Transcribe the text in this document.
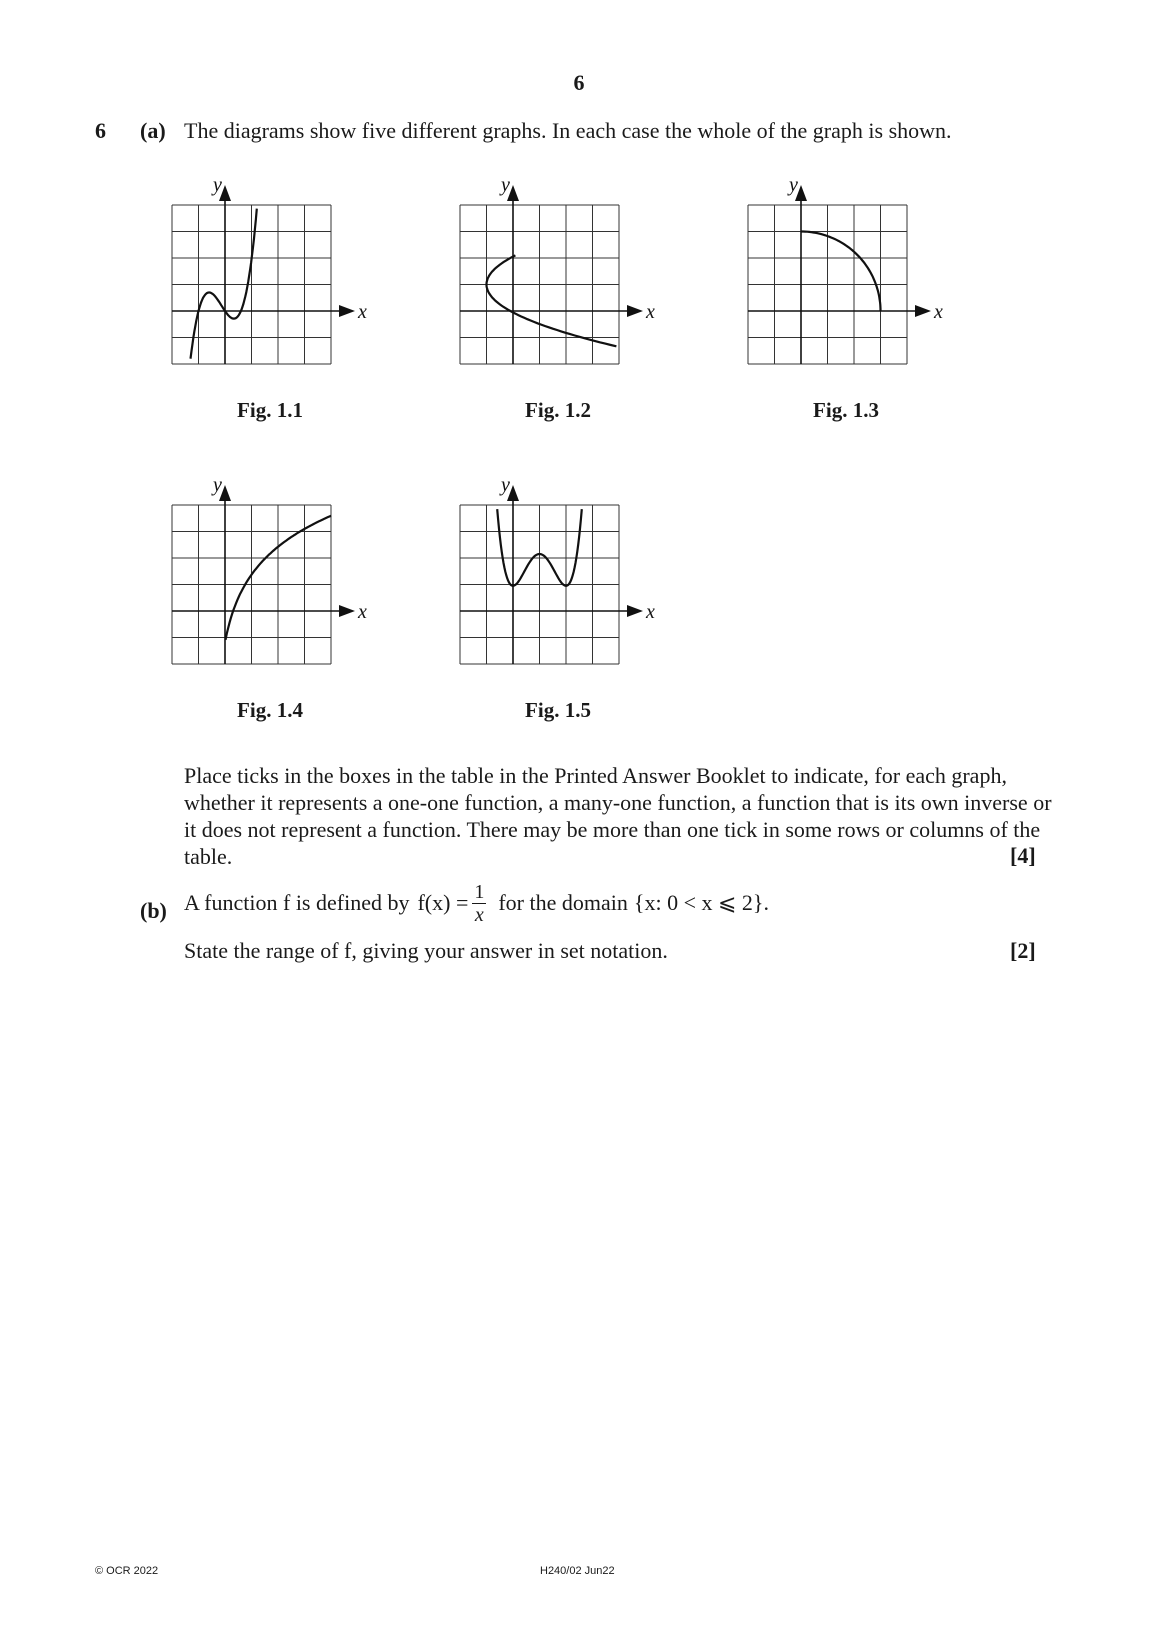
6
6 (a) The diagrams show five different graphs. In each case the whole of the graph is shown.
x
y
Fig. 1.1
x
y
Fig. 1.2
x
y
Fig. 1.3
x
y
Fig. 1.4
x
y
Fig. 1.5
Place ticks in the boxes in the table in the Printed Answer Booklet to indicate, for each graph, whether it represents a one-one function, a many-one function, a function that is its own inverse or it does not represent a function. There may be more than one tick in some rows or columns of the table.	[4]
(b) A function f is defined by $f(x) = \frac{1}{x}$ for the domain {x: 0 < x ⩽ 2}.
State the range of f, giving your answer in set notation.	[2]
© OCR 2022	H240/02 Jun22
